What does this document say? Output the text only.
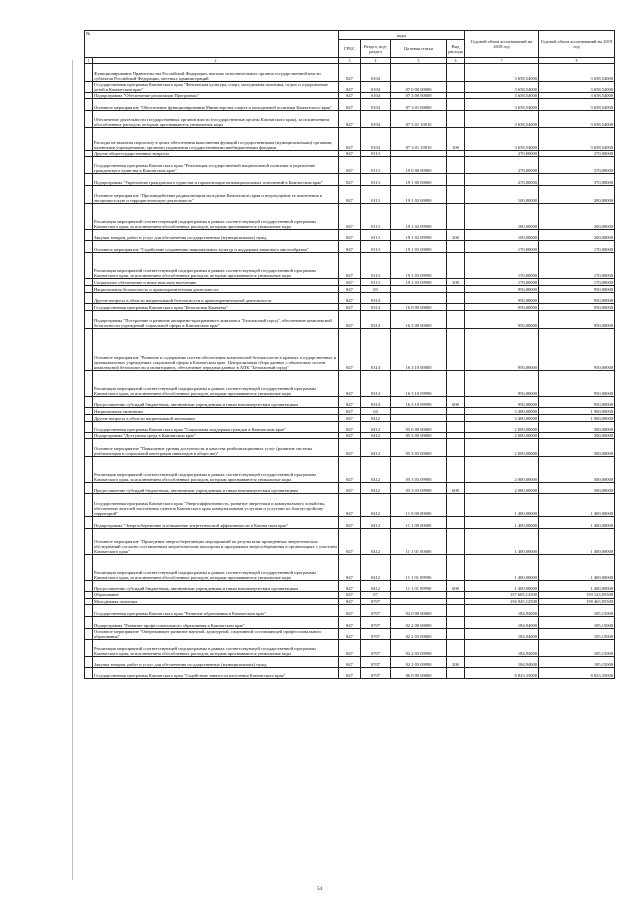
№		коды				Годовой объем ассигнований на 2018 год	Годовой объем ассигнований на 2019 год
		ГРБС	Раздел, под-раздел	Целевая статья	Вид расхода		
1	2	3	4	5	6	7	8
	Функционирование Правительства Российской Федерации, высших исполнительных органов государственной власти субъектов Российской Федерации, местных администраций	847	0104			3 658,54000	3 658,54000
	Государственная программа Камчатского края "Физическая культура, спорт, молодежная политика, отдых и оздоровление детей в Камчатском крае"	847	0104	07 0 00 00000		3 658,54000	3 658,54000
	Подпрограмма "Обеспечение реализации Программы"	847	0104	07 3 00 00000		3 658,54000	3 658,54000
	Основное мероприятие "Обеспечение функционирования Министерства спорта и молодежной политики Камчатского края"	847	0104	07 3 01 00000		3 658,54000	3 658,54000
	Обеспечение деятельности государственных органов власти (государственные органы Камчатского края), за исключением обособленных расходов, которым присваиваются уникальные коды	847	0104	07 3 01 10010		3 658,54000	3 658,54000
	Расходы на выплаты персоналу в целях обеспечения выполнения функций государственными (муниципальными) органами, казенными учреждениями, органами управления государственными внебюджетными фондами	847	0104	07 3 01 10010	100	3 658,54000	3 658,54000
	Другие общегосударственные вопросы	847	0113			270,00000	370,00000
	Государственная программа Камчатского края "Реализация государственной национальной политики и укрепление гражданского единства в Камчатском крае"	847	0113	19 0 00 00000		270,00000	370,00000
	Подпрограмма "Укрепление гражданского единства и гармонизация межнациональных отношений в Камчатском крае"	847	0113	19 1 00 00000		270,00000	370,00000
	Основное мероприятие "Противодействие радикализации молодежи Камчатского края и недопущение ее вовлечения в экстремистскую и террористическую деятельность"	847	0113	19 1 02 00000		100,00000	200,00000
	Реализация мероприятий соответствующей подпрограммы в рамках соответствующей государственной программы Камчатского края, за исключением обособленных расходов, которым присваиваются уникальные коды	847	0113	19 1 02 09990		100,00000	200,00000
	Закупка товаров, работ и услуг для обеспечения государственных (муниципальных) нужд	847	0113	19 1 02 09990	200	100,00000	200,00000
	Основное мероприятие "Содействие сохранению национальных культур и поддержка языкового многообразия"	847	0113	19 1 03 00000		170,00000	170,00000
	Реализация мероприятий соответствующей подпрограммы в рамках соответствующей государственной программы Камчатского края, за исключением обособленных расходов, которым присваиваются уникальные коды	847	0113	19 1 03 09990		170,00000	170,00000
	Социальное обеспечение и иные выплаты населению	847	0113	19 1 03 09990	300	170,00000	170,00000
	Национальная безопасность и правоохранительная деятельность	847	03			950,00000	950,00000
	Другие вопросы в области национальной безопасности и правоохранительной деятельности	847	0314			950,00000	950,00000
	Государственная программа Камчатского края "Безопасная Камчатка"	847	0314	16 0 00 00000		950,00000	950,00000
	Подпрограмма "Построение и развитие аппаратно-программного комплекса "Безопасный город", обеспечение комплексной безопасности учреждений социальной сферы в Камчатском крае"	847	0314	16 3 00 00000		950,00000	950,00000
	Основное мероприятие "Развитие и содержание систем обеспечения комплексной безопасности в краевых государственных и муниципальных учреждениях социальной сферы в Камчатском крае. Централизация сбора данных с объектовых систем комплексной безопасности и мониторинга, обеспечение передачи данных в АПК "Безопасный город"	847	0314	16 3 10 00000		950,00000	950,00000
	Реализация мероприятий соответствующей подпрограммы в рамках соответствующей государственной программы Камчатского края, за исключением обособленных расходов, которым присваиваются уникальные коды	847	0314	16 3 10 09990		950,00000	950,00000
	Предоставление субсидий бюджетным, автономным учреждениям и иным некоммерческим организациям	847	0314	16 3 10 09990	600	950,00000	950,00000
	Национальная экономика	847	04			3 400,00000	1 900,00000
	Другие вопросы в области национальной экономики	847	0412			3 400,00000	1 900,00000
	Государственная программа Камчатского края "Социальная поддержка граждан в Камчатском крае"	847	0412	05 0 00 00000		2 000,00000	500,00000
	Подпрограмма "Доступная среда в Камчатском крае"	847	0412	05 3 00 00000		2 000,00000	500,00000
	Основное мероприятие "Повышение уровня доступности и качества реабилитационных услуг (развитие системы реабилитации и социальной интеграции инвалидов в обществе)"	847	0412	05 3 03 00000		2 000,00000	500,00000
	Реализация мероприятий соответствующей подпрограммы в рамках соответствующей государственной программы Камчатского края, за исключением обособленных расходов, которым присваиваются уникальные коды	847	0412	05 3 03 09990		2 000,00000	500,00000
	Предоставление субсидий бюджетным, автономным учреждениям и иным некоммерческим организациям	847	0412	05 3 03 09990	600	2 000,00000	500,00000
	Государственная программа Камчатского края "Энергоэффективность, развитие энергетики и коммунального хозяйства, обеспечение жителей населенных пунктов Камчатского края коммунальными услугами и услугами по благоустройству территорий"	847	0412	11 0 00 00000		1 400,00000	1 400,00000
	Подпрограмма "Энергосбережение и повышение энергетической эффективности в Камчатском крае"	847	0412	11 1 00 00000		1 400,00000	1 400,00000
	Основное мероприятие "Проведение энергосберегающих мероприятий по результатам проведенных энергетических обследований согласно составленным энергетическим паспортам и программам энергосбережения в организациях с участием Камчатского края"	847	0412	11 1 01 00000		1 400,00000	1 400,00000
	Реализация мероприятий соответствующей подпрограммы в рамках соответствующей государственной программы Камчатского края, за исключением обособленных расходов, которым присваиваются уникальные коды	847	0412	11 1 01 09990		1 400,00000	1 400,00000
	Предоставление субсидий бюджетным, автономным учреждениям и иным некоммерческим организациям	847	0412	11 1 01 09990	600	1 400,00000	1 400,00000
	Образование	847	07			157 605,12500	159 123,95500
	Молодежная политика	847	0707			156 945,12500	158 463,95500
	Государственная программа Камчатского края "Развитие образования в Камчатском крае"	847	0707	02 0 00 00000		184,94000	185,15000
	Подпрограмма "Развитие профессионального образования в Камчатском крае"	847	0707	02 2 00 00000		184,94000	185,15000
	Основное мероприятие "Опережающее развитие научной, культурной, спортивной составляющей профессионального образования"	847	0707	02 2 03 00000		184,94000	185,15000
	Реализация мероприятий соответствующей подпрограммы в рамках соответствующей государственной программы Камчатского края, за исключением обособленных расходов, которым присваиваются уникальные коды	847	0707	02 2 03 09990		184,94000	185,15000
	Закупка товаров, работ и услуг для обеспечения государственных (муниципальных) нужд	847	0707	02 2 03 09990	200	184,94000	185,15000
	Государственная программа Камчатского края "Содействие занятости населения Камчатского края"	847	0707	06 0 00 00000		8 823,35000	8 823,35000
54
